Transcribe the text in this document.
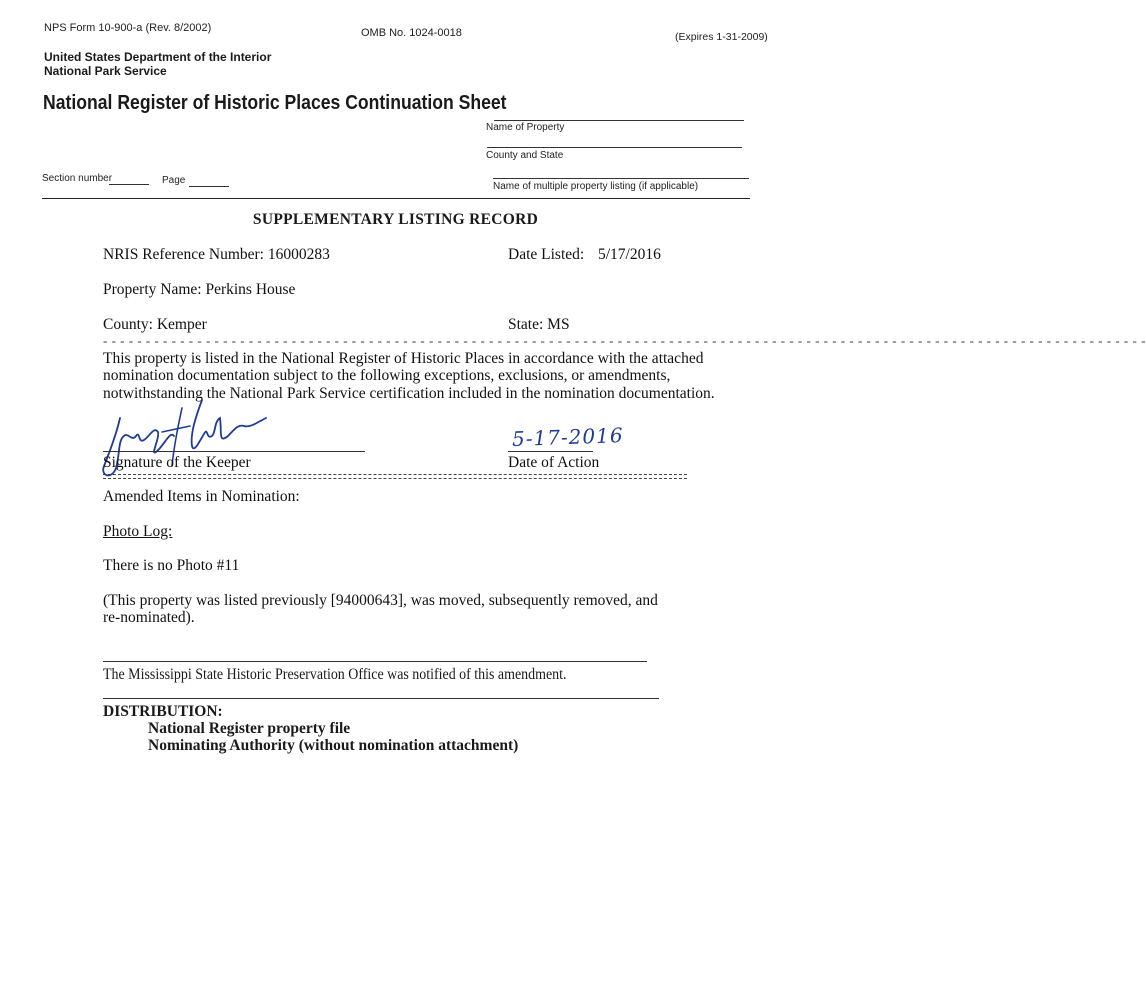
NPS Form 10-900-a (Rev. 8/2002)	OMB No. 1024-0018	(Expires 1-31-2009)
United States Department of the Interior
National Park Service
National Register of Historic Places Continuation Sheet
Name of Property
County and State
Section number	Page
Name of multiple property listing (if applicable)
SUPPLEMENTARY LISTING RECORD
NRIS Reference Number: 16000283	Date Listed: 5/17/2016
Property Name: Perkins House
County: Kemper	State: MS
- - - - - - - - - - - - - - - - - - - - - - - - - - - - - - - - - - - - - - - - - - - - - - - - - - - - - - - - - - - - - - - - - - - - - - - - - - - - - - - - - - - - - - - - - - - - - - - - - - - - - - - - - - - - - - - - - - - - - - - - - -
This property is listed in the National Register of Historic Places in accordance with the attached
nomination documentation subject to the following exceptions, exclusions, or amendments,
notwithstanding the National Park Service certification included in the nomination documentation.
Signature of the Keeper
5-17-2016
Date of Action
Amended Items in Nomination:
Photo Log:
There is no Photo #11
(This property was listed previously [94000643], was moved, subsequently removed, and
re-nominated).
The Mississippi State Historic Preservation Office was notified of this amendment.
DISTRIBUTION:
National Register property file
Nominating Authority (without nomination attachment)
